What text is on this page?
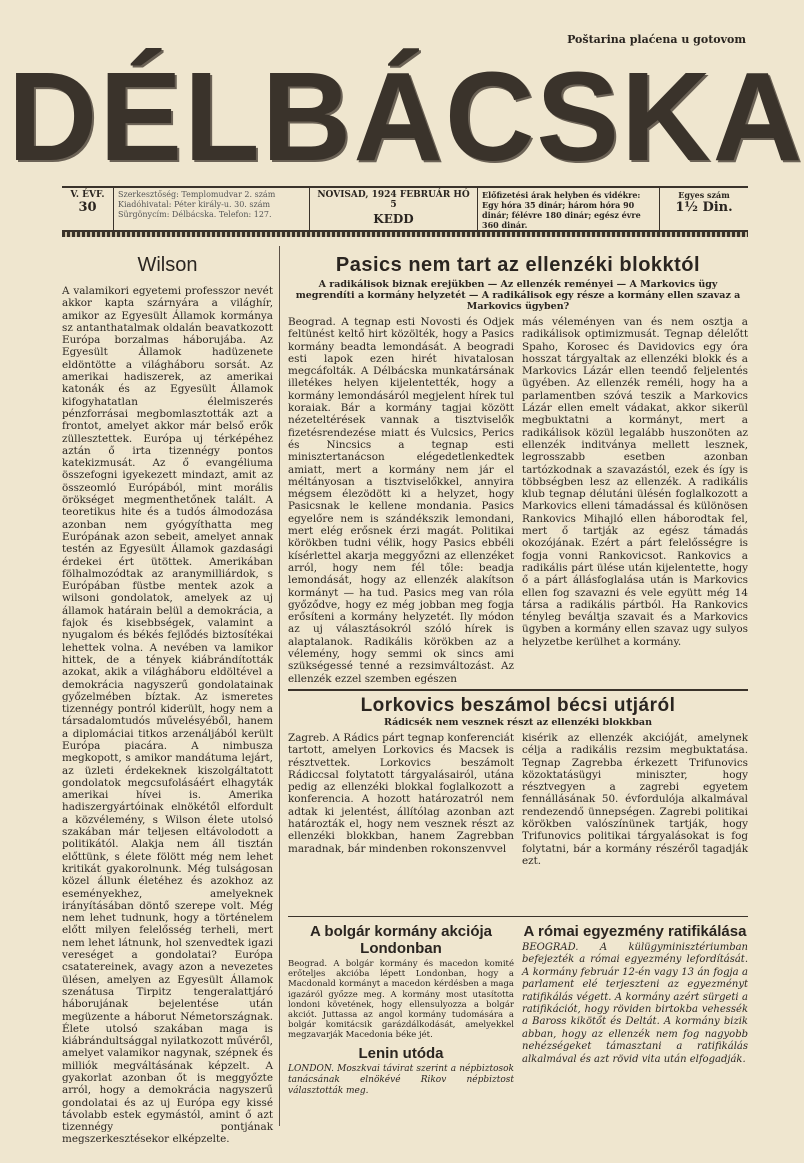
Poštarina plaćena u gotovom
DÉLBÁCSKA
V. ÉVF.
30
Szerkesztőség: Templomudvar 2. szám Kiadóhivatal: Péter király-u. 30. szám Sürgönycím: Délbácska. Telefon: 127.
NOVISAD, 1924 FEBRUÁR HÓ 5
KEDD
Előfizetési árak helyben és vidékre: Egy hóra 35 dinár; három hóra 90 dinár; félévre 180 dinár; egész évre 360 dinár.
Egyes szám
1½ Din.
Wilson

A valamikori egyetemi professzor nevét akkor kapta szárnyára a világhír, amikor az Egyesült Államok kormánya sz antanthatalmak oldalán beavatkozott Európa borzalmas háborujába. Az Egyesült Államok hadüzenete eldöntötte a világháboru sorsát. Az amerikai hadiszerek, az amerikai katonák és az Egyesült Államok kifogyhatatlan élelmiszerés pénzforrásai megbomlasztották azt a frontot, amelyet akkor már belső erők züllesztettek. Európa uj térképéhez aztán ő irta tizennégy pontos katekizmusát. Az ő evangéliuma összefogni igyekezett mindazt, amit az összeomló Európából, mint morális örökséget megmenthetőnek talált. A teoretikus hite és a tudós álmodozása azonban nem gyógyíthatta meg Európának azon sebeit, amelyet annak testén az Egyesült Államok gazdasági érdekei ért ütöttek. Amerikában fölhalmozódtak az aranymilliárdok, s Európában füstbe mentek azok a wilsoni gondolatok, amelyek az uj államok határain belül a demokrácia, a fajok és kisebbségek, valamint a nyugalom és békés fejlődés biztosítékai lehettek volna. A nevében va lamikor hittek, de a tények kiábrándították azokat, akik a világháboru eldöltével a demokrácia nagyszerű gondolatainak győzelmében bíztak. Az ismeretes tizennégy pontról kiderült, hogy nem a társadalomtudós művelésyéből, hanem a diplomáciai titkos arzenáljából került Európa piacára. A nimbusza megkopott, s amikor mandátuma lejárt, az üzleti érdekeknek kiszolgáltatott gondolatok megcsufolásáért elhagyták amerikai hívei is. Amerika hadiszergyártóinak elnökétől elfordult a közvélemény, s Wilson élete utolsó szakában már teljesen eltávolodott a politikától. Alakja nem áll tisztán előttünk, s élete fölött még nem lehet kritikát gyakorolnunk. Még tulságosan közel állunk életéhez és azokhoz az eseményekhez, amelyeknek irányításában döntő szerepe volt. Még nem lehet tudnunk, hogy a történelem előtt milyen felelősség terheli, mert nem lehet látnunk, hol szenvedtek igazi vereséget a gondolatai? Európa csatatereinek, avagy azon a nevezetes ülésen, amelyen az Egyesült Államok szenátusa Tirpitz tengeralattjáró háborujának bejelentése után megüzente a háborut Németországnak. Élete utolsó szakában maga is kiábrándultsággal nyilatkozott művéről, amelyet valamikor nagynak, szépnek és milliók megváltásának képzelt. A gyakorlat azonban őt is meggyőzte arról, hogy a demokrácia nagyszerű gondolatai és az uj Európa egy kissé távolabb estek egymástól, amint ő azt tizennégy pontjának megszerkesztésekor elképzelte.

Pasics nem tart az ellenzéki blokktól

A radikálisok biznak erejükben — Az ellenzék reményei — A Markovics ügy megrendíti a kormány helyzetét — A radikálisok egy része a kormány ellen szavaz a Markovics ügyben?

Beograd. A tegnap esti Novosti és Odjek feltünést keltő hirt közölték, hogy a Pasics kormány beadta lemondását. A beogradi esti lapok ezen hirét hivatalosan megcáfolták. A Délbácska munkatársának illetékes helyen kijelentették, hogy a kormány lemondásáról megjelent hírek tul koraiak. Bár a kormány tagjai között nézeteltérések vannak a tisztviselők fizetésrendezése miatt és Vulcsics, Perics és Nincsics a tegnap esti minisztertanácson elégedetlenkedtek amiatt, mert a kormány nem jár el méltányosan a tisztviselőkkel, annyira mégsem élezödött ki a helyzet, hogy Pasicsnak le kellene mondania. Pasics egyelőre nem is szándékszik lemondani, mert elég erősnek érzi magát. Politikai körökben tudni vélik, hogy Pasics ebbéli kísérlettel akarja meggyőzni az ellenzéket arról, hogy nem fél tőle: beadja lemondását, hogy az ellenzék alakítson kormányt — ha tud. Pasics meg van róla győződve, hogy ez még jobban meg fogja erősíteni a kormány helyzetét. Ily módon az uj választásokról szóló hírek is alaptalanok. Radikális körökben az a vélemény, hogy semmi ok sincs ami szükségessé tenné a rezsimváltozást. Az ellenzék ezzel szemben egészen

más véleményen van és nem osztja a radikálisok optimizmusát. Tegnap délelőtt Spaho, Korosec és Davidovics egy óra hosszat tárgyaltak az ellenzéki blokk és a Markovics Lázár ellen teendő feljelentés ügyében. Az ellenzék reméli, hogy ha a parlamentben szóvá teszik a Markovics Lázár ellen emelt vádakat, akkor sikerül megbuktatni a kormányt, mert a radikálisok közül legalább huszonöten az ellenzék inditványa mellett lesznek, legrosszabb esetben azonban tartózkodnak a szavazástól, ezek és így is többségben lesz az ellenzék. A radikális klub tegnap délutáni ülésén foglalkozott a Markovics elleni támadással és különösen Rankovics Mihajló ellen háborodtak fel, mert ő tartják az egész támadás okozójának. Ezért a párt felelősségre is fogja vonni Rankovicsot. Rankovics a radikális párt ülése után kijelentette, hogy ő a párt állásfoglalása után is Markovics ellen fog szavazni és vele együtt még 14 társa a radikális pártból. Ha Rankovics tényleg beváltja szavait és a Markovics ügyben a kormány ellen szavaz ugy sulyos helyzetbe kerülhet a kormány.

Lorkovics beszámol bécsi utjáról

Rádicsék nem vesznek részt az ellenzéki blokkban

Zagreb. A Rádics párt tegnap konferenciát tartott, amelyen Lorkovics és Macsek is résztvettek. Lorkovics beszámolt Rádiccsal folytatott tárgyalásairól, utána pedig az ellenzéki blokkal foglalkozott a konferencia. A hozott határozatról nem adtak ki jelentést, állítólag azonban azt határozták el, hogy nem vesznek részt az ellenzéki blokkban, hanem Zagrebban maradnak, bár mindenben rokonszenvvel

kisérik az ellenzék akcióját, amelynek célja a radikális rezsim megbuktatása. Tegnap Zagrebba érkezett Trifunovics közoktatásügyi miniszter, hogy résztvegyen a zagrebi egyetem fennállásának 50. évfordulója alkalmával rendezendő ünnepségen. Zagrebi politikai körökben valószínünek tartják, hogy Trifunovics politikai tárgyalásokat is fog folytatni, bár a kormány részéről tagadják ezt.

A bolgár kormány akciója Londonban

Beograd. A bolgár kormány és macedon komité erőteljes akcióba lépett Londonban, hogy a Macdonald kormányt a macedon kérdésben a maga igazáról győzze meg. A kormány most utasította londoni követének, hogy ellensulyozza a bolgár akciót. Juttassa az angol kormány tudomására a bolgár komitácsik garázdálkodását, amelyekkel megzavarják Macedonia béke jét.

Lenin utóda

LONDON. Moszkvai távirat szerint a népbiztosok tanácsának elnökévé Rikov népbiztost választották meg.

A római egyezmény ratifikálása

BEOGRAD. A külügyminisztériumban befejezték a római egyezmény lefordítását. A kormány február 12-én vagy 13 án fogja a parlament elé terjeszteni az egyezményt ratifikálás végett. A kormány azért sürgeti a ratifikációt, hogy röviden birtokba vehessék a Baross kikötőt és Deltát. A kormány bizik abban, hogy az ellenzék nem fog nagyobb nehézségeket támasztani a ratifikálás alkalmával és azt rövid vita után elfogadják.
